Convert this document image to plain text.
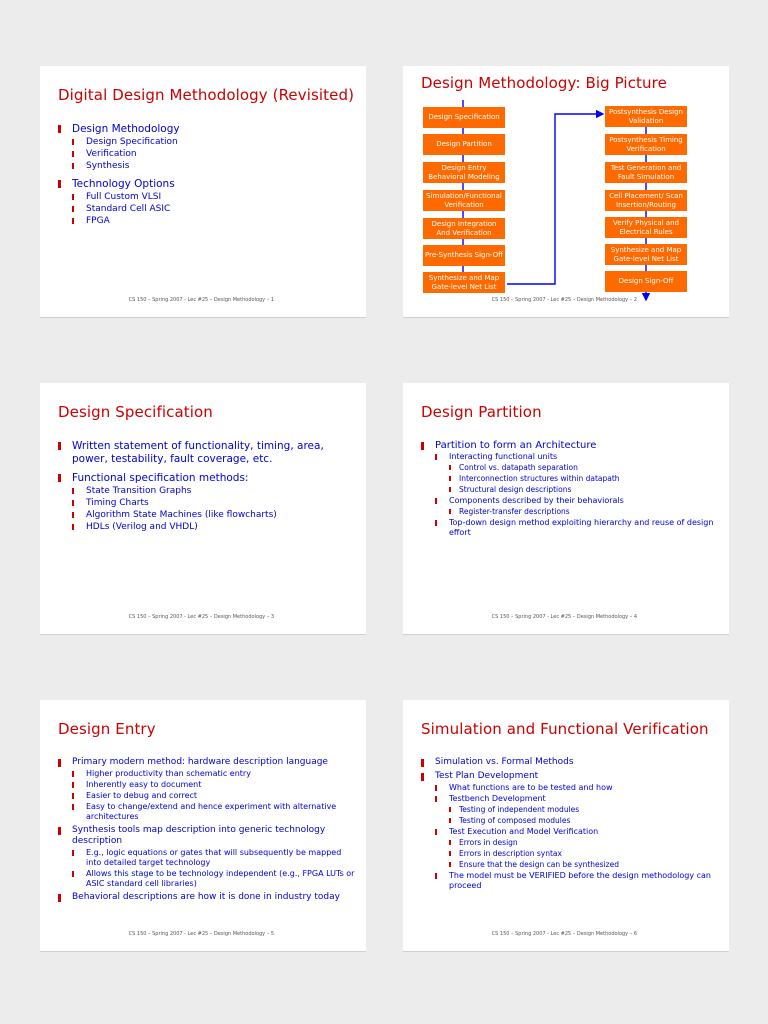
Digital Design Methodology (Revisited)
Design Methodology
Design Specification
Verification
Synthesis
Technology Options
Full Custom VLSI
Standard Cell ASIC
FPGA
CS 150 – Spring 2007 - Lec #25 – Design Methodology – 1
Design Methodology: Big Picture
Design Specification
Design Partition
Design Entry Behavioral Modeling
Simulation/Functional Verification
Design Integration And Verification
Pre-Synthesis Sign-Off
Synthesize and Map Gate-level Net List
Postsynthesis Design Validation
Postsynthesis Timing Verification
Test Generation and Fault Simulation
Cell Placement/ Scan Insertion/Routing
Verify Physical and Electrical Rules
Synthesize and Map Gate-level Net List
Design Sign-Off
CS 150 – Spring 2007 - Lec #25 – Design Methodology – 2
Design Specification
Written statement of functionality, timing, area, power, testability, fault coverage, etc.
Functional specification methods:
State Transition Graphs
Timing Charts
Algorithm State Machines (like flowcharts)
HDLs (Verilog and VHDL)
CS 150 – Spring 2007 - Lec #25 – Design Methodology – 3
Design Partition
Partition to form an Architecture
Interacting functional units
Control vs. datapath separation
Interconnection structures within datapath
Structural design descriptions
Components described by their behaviorals
Register-transfer descriptions
Top-down design method exploiting hierarchy and reuse of design effort
CS 150 – Spring 2007 - Lec #25 – Design Methodology – 4
Design Entry
Primary modern method: hardware description language
Higher productivity than schematic entry
Inherently easy to document
Easier to debug and correct
Easy to change/extend and hence experiment with alternative architectures
Synthesis tools map description into generic technology description
E.g., logic equations or gates that will subsequently be mapped into detailed target technology
Allows this stage to be technology independent (e.g., FPGA LUTs or ASIC standard cell libraries)
Behavioral descriptions are how it is done in industry today
CS 150 – Spring 2007 - Lec #25 – Design Methodology – 5
Simulation and Functional Verification
Simulation vs. Formal Methods
Test Plan Development
What functions are to be tested and how
Testbench Development
Testing of independent modules
Testing of composed modules
Test Execution and Model Verification
Errors in design
Errors in description syntax
Ensure that the design can be synthesized
The model must be VERIFIED before the design methodology can proceed
CS 150 – Spring 2007 - Lec #25 – Design Methodology – 6
